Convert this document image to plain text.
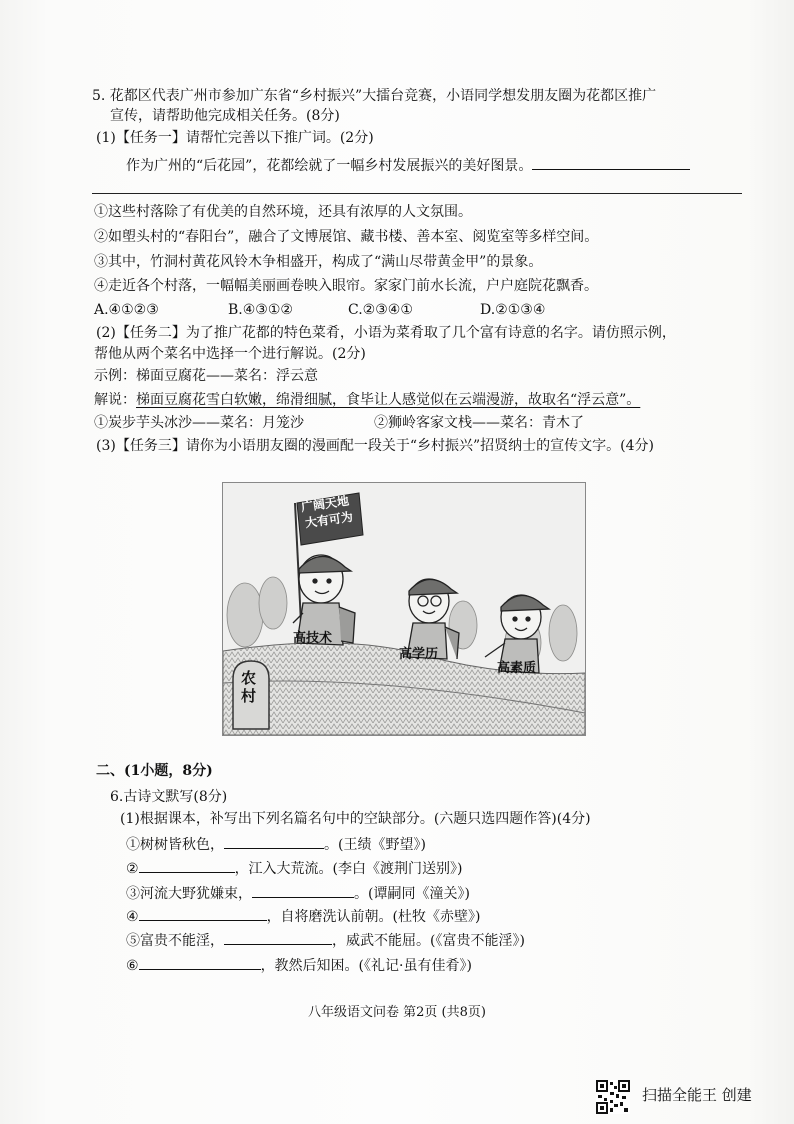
5. 花都区代表广州市参加广东省“乡村振兴”大擂台竞赛，小语同学想发朋友圈为花都区推广
宣传，请帮助他完成相关任务。(8分)
(1)【任务一】请帮忙完善以下推广词。(2分)
作为广州的“后花园”，花都绘就了一幅乡村发展振兴的美好图景。
①这些村落除了有优美的自然环境，还具有浓厚的人文氛围。
②如塱头村的“春阳台”，融合了文博展馆、藏书楼、善本室、阅览室等多样空间。
③其中，竹洞村黄花风铃木争相盛开，构成了“满山尽带黄金甲”的景象。
④走近各个村落，一幅幅美丽画卷映入眼帘。家家门前水长流，户户庭院花飘香。
A.④①②③	B.④③①②	C.②③④①	D.②①③④
(2)【任务二】为了推广花都的特色菜肴，小语为菜肴取了几个富有诗意的名字。请仿照示例，
帮他从两个菜名中选择一个进行解说。(2分)
示例：梯面豆腐花——菜名：浮云意
解说：梯面豆腐花雪白软嫩，绵滑细腻，食毕让人感觉似在云端漫游，故取名“浮云意”。
①炭步芋头冰沙——菜名：月笼沙	②狮岭客家文栈——菜名：青木了
(3)【任务三】请你为小语朋友圈的漫画配一段关于“乡村振兴”招贤纳士的宣传文字。(4分)
广阔天地
大有可为
高技术
高学历
高素质
农村
二、(1小题，8分)
6.古诗文默写(8分)
(1)根据课本，补写出下列名篇名句中的空缺部分。(六题只选四题作答)(4分)
①树树皆秋色，	。(王绩《野望》)
②	，江入大荒流。(李白《渡荆门送别》)
③河流大野犹嫌束，	。(谭嗣同《潼关》)
④	，自将磨洗认前朝。(杜牧《赤壁》)
⑤富贵不能淫，	，威武不能屈。(《富贵不能淫》)
⑥	，教然后知困。(《礼记·虽有佳肴》)
八年级语文问卷 第2页 (共8页)
扫描全能王 创建
